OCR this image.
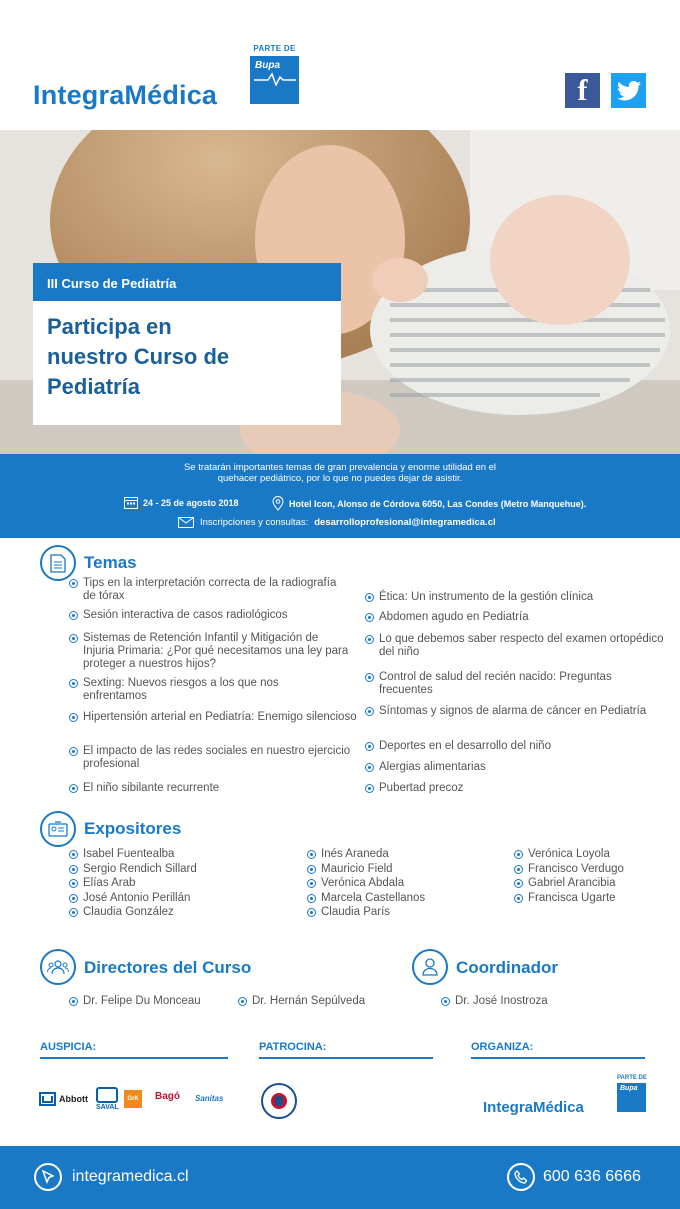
IntegraMédica
PARTE DE
Bupa
f
III Curso de Pediatría
Participa en nuestro Curso de Pediatría
Se tratarán importantes temas de gran prevalencia y enorme utilidad en el
quehacer pediátrico, por lo que no puedes dejar de asistir.
24 - 25 de agosto 2018	Hotel Icon, Alonso de Córdova 6050, Las Condes (Metro Manquehue).
Inscripciones y consultas: desarrolloprofesional@integramedica.cl
Temas
Tips en la interpretación correcta de la radiografía de tórax
Sesión interactiva de casos radiológicos
Sistemas de Retención Infantil y Mitigación de Injuria Primaria: ¿Por qué necesitamos una ley para proteger a nuestros hijos?
Sexting: Nuevos riesgos a los que nos enfrentamos
Hipertensión arterial en Pediatría: Enemigo silencioso
El impacto de las redes sociales en nuestro ejercicio profesional
El niño sibilante recurrente
Ética: Un instrumento de la gestión clínica
Abdomen agudo en Pediatría
Lo que debemos saber respecto del examen ortopédico del niño
Control de salud del recién nacido: Preguntas frecuentes
Síntomas y signos de alarma de cáncer en Pediatría
Deportes en el desarrollo del niño
Alergias alimentarias
Pubertad precoz
Expositores
Isabel Fuentealba
Sergio Rendich Sillard
Elías Arab
José Antonio Perillán
Claudia González
Inés Araneda
Mauricio Field
Verónica Abdala
Marcela Castellanos
Claudia París
Verónica Loyola
Francisco Verdugo
Gabriel Arancibia
Francisca Ugarte
Directores del Curso
Dr. Felipe Du Monceau	Dr. Hernán Sepúlveda
Coordinador
Dr. José Inostroza
AUSPICIA:	PATROCINA:	ORGANIZA:
Abbott
SAVAL
GrK Bagó Sanitas
IntegraMédica
PARTE DE
Bupa
integramedica.cl	600 636 6666
